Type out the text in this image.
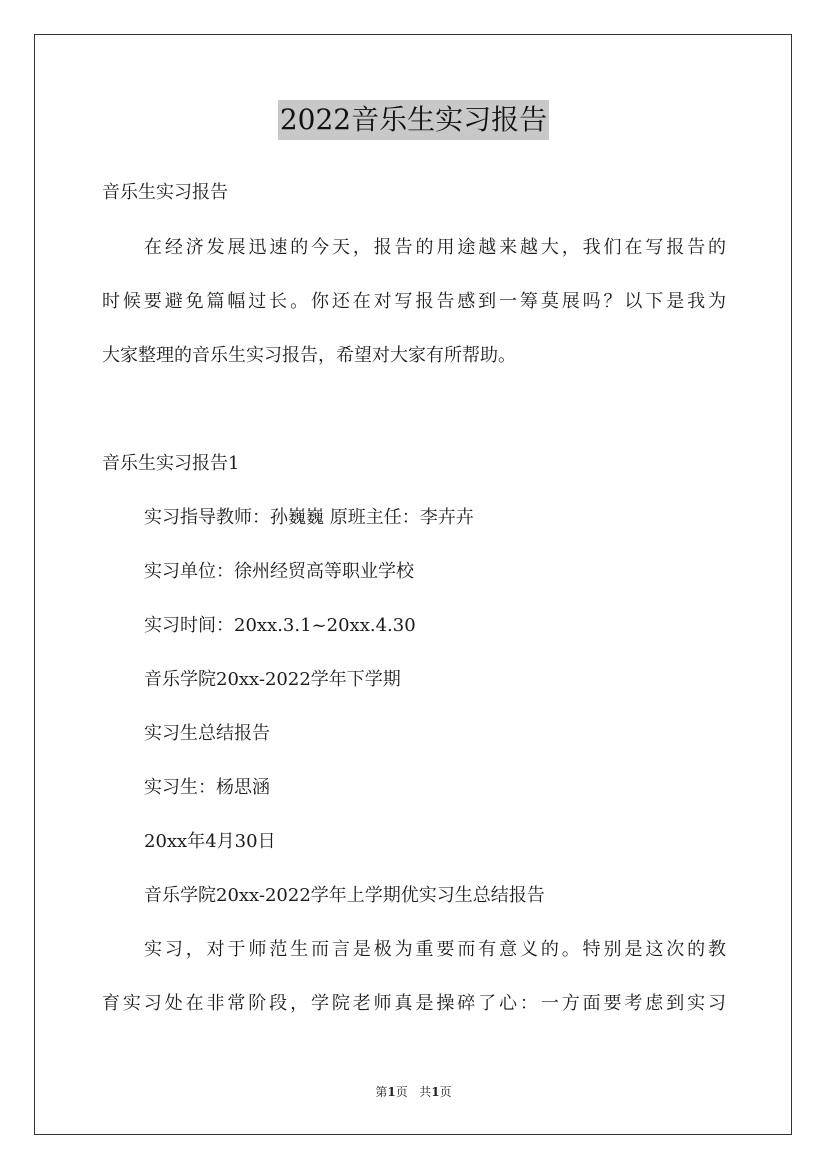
2022音乐生实习报告
音乐生实习报告
在经济发展迅速的今天，报告的用途越来越大，我们在写报告的
时候要避免篇幅过长。你还在对写报告感到一筹莫展吗？以下是我为
大家整理的音乐生实习报告，希望对大家有所帮助。
音乐生实习报告1
实习指导教师：孙巍巍 原班主任：李卉卉
实习单位：徐州经贸高等职业学校
实习时间：20xx.3.1~20xx.4.30
音乐学院20xx-2022学年下学期
实习生总结报告
实习生：杨思涵
20xx年4月30日
音乐学院20xx-2022学年上学期优实习生总结报告
实习，对于师范生而言是极为重要而有意义的。特别是这次的教
育实习处在非常阶段，学院老师真是操碎了心：一方面要考虑到实习
第1页 共1页
